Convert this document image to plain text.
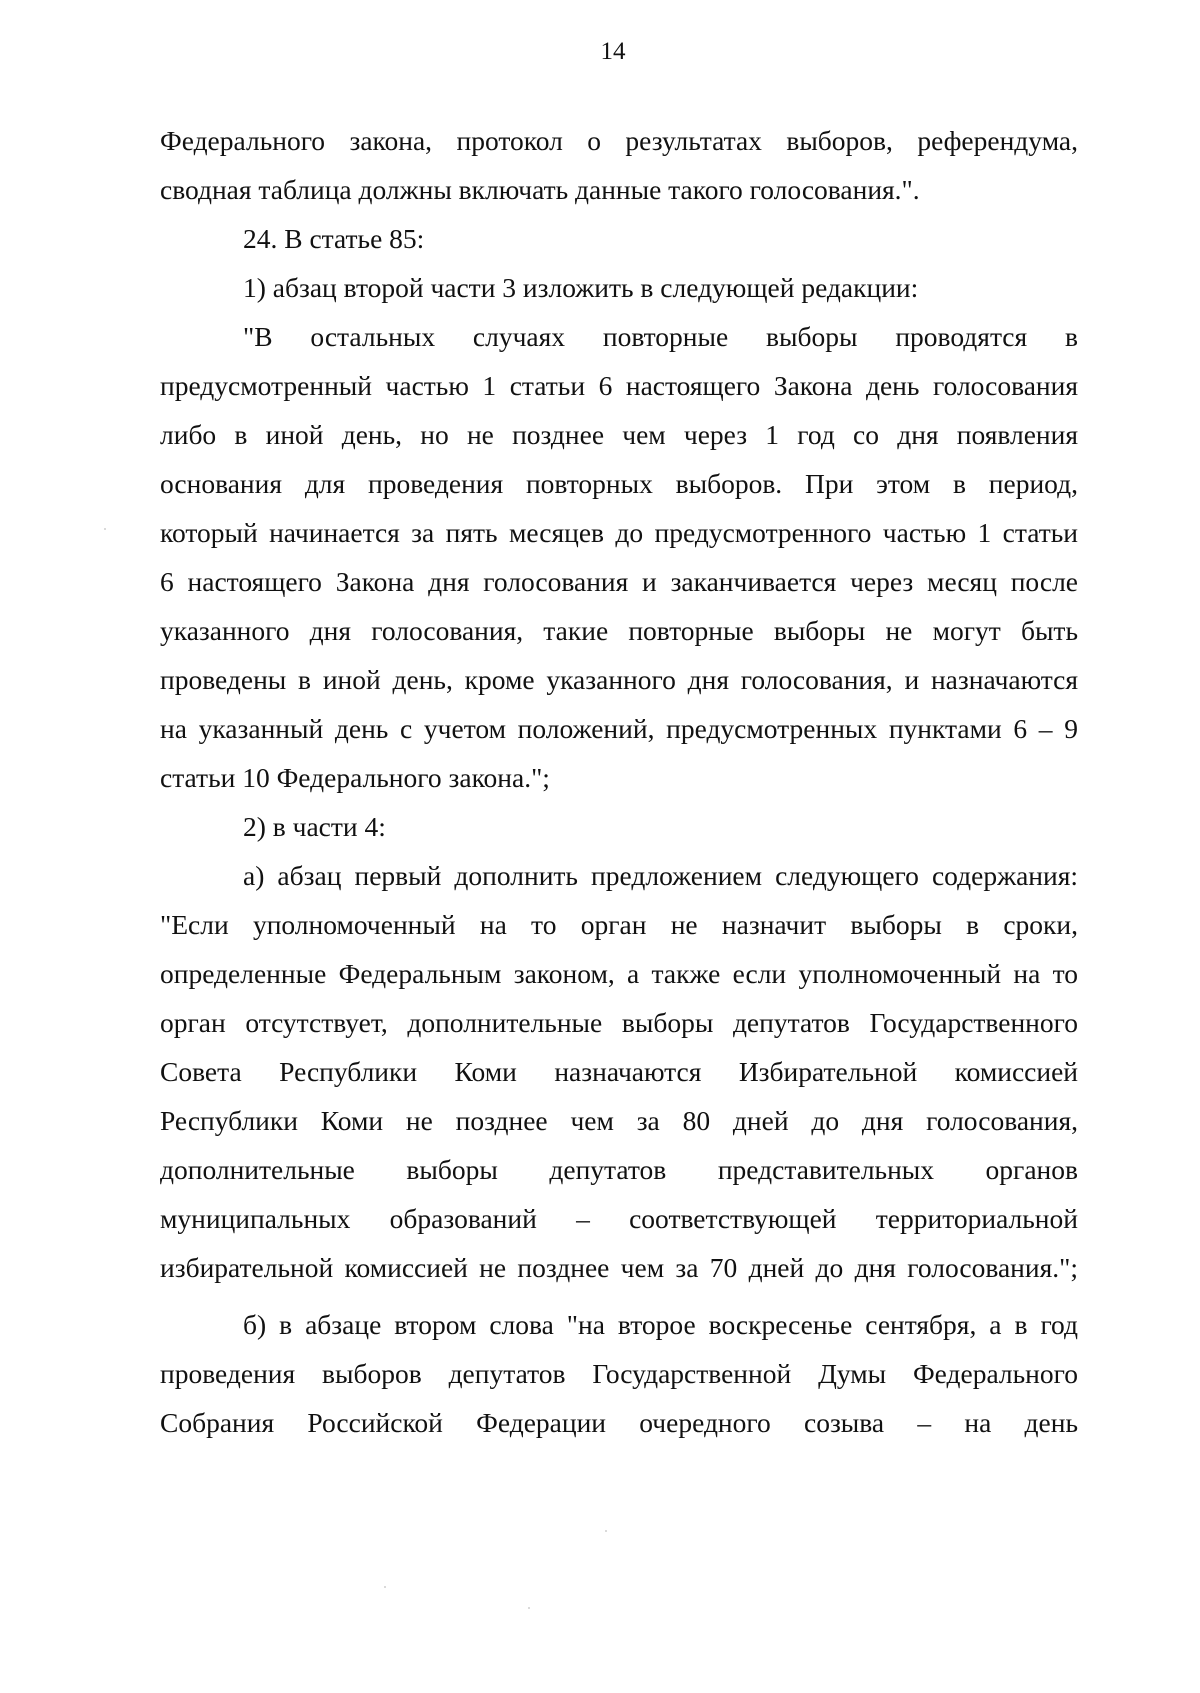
14
Федерального закона, протокол о результатах выборов, референдума,
сводная таблица должны включать данные такого голосования.".
24. В статье 85:
1) абзац второй части 3 изложить в следующей редакции:
"В остальных случаях повторные выборы проводятся в
предусмотренный частью 1 статьи 6 настоящего Закона день голосования
либо в иной день, но не позднее чем через 1 год со дня появления
основания для проведения повторных выборов. При этом в период,
который начинается за пять месяцев до предусмотренного частью 1 статьи
6 настоящего Закона дня голосования и заканчивается через месяц после
указанного дня голосования, такие повторные выборы не могут быть
проведены в иной день, кроме указанного дня голосования, и назначаются
на указанный день с учетом положений, предусмотренных пунктами 6 – 9
статьи 10 Федерального закона.";
2) в части 4:
а) абзац первый дополнить предложением следующего содержания:
"Если уполномоченный на то орган не назначит выборы в сроки,
определенные Федеральным законом, а также если уполномоченный на то
орган отсутствует, дополнительные выборы депутатов Государственного
Совета Республики Коми назначаются Избирательной комиссией
Республики Коми не позднее чем за 80 дней до дня голосования,
дополнительные выборы депутатов представительных органов
муниципальных образований – соответствующей территориальной
избирательной комиссией не позднее чем за 70 дней до дня голосования.";
б) в абзаце втором слова "на второе воскресенье сентября, а в год
проведения выборов депутатов Государственной Думы Федерального
Собрания Российской Федерации очередного созыва – на день
